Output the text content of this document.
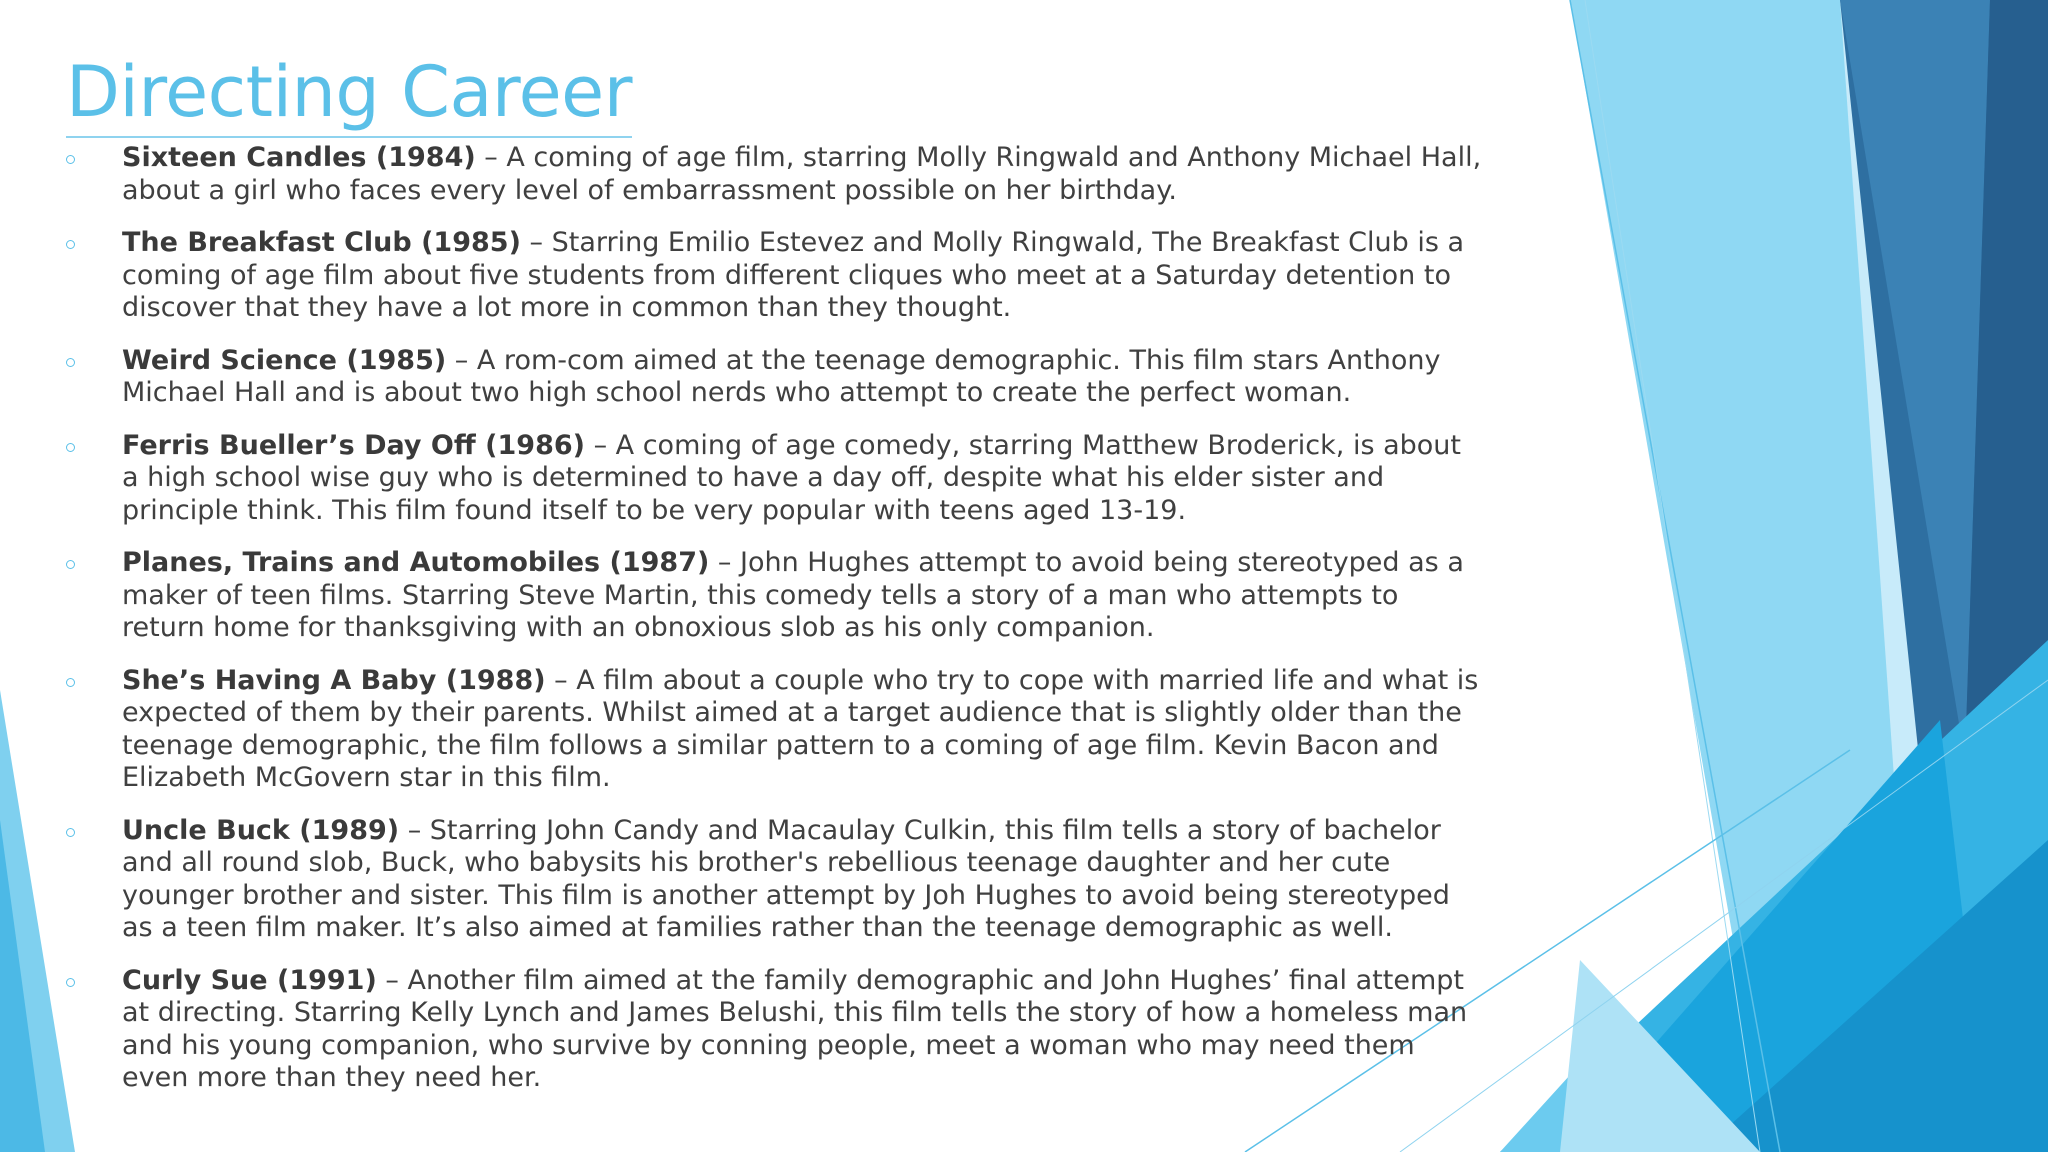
Directing Career
Sixteen Candles (1984) – A coming of age film, starring Molly Ringwald and Anthony Michael Hall, about a girl who faces every level of embarrassment possible on her birthday.
The Breakfast Club (1985) – Starring Emilio Estevez and Molly Ringwald, The Breakfast Club is a coming of age film about five students from different cliques who meet at a Saturday detention to discover that they have a lot more in common than they thought.
Weird Science (1985) – A rom-com aimed at the teenage demographic. This film stars Anthony Michael Hall and is about two high school nerds who attempt to create the perfect woman.
Ferris Bueller’s Day Off (1986) – A coming of age comedy, starring Matthew Broderick, is about a high school wise guy who is determined to have a day off, despite what his elder sister and principle think. This film found itself to be very popular with teens aged 13-19.
Planes, Trains and Automobiles (1987) – John Hughes attempt to avoid being stereotyped as a maker of teen films. Starring Steve Martin, this comedy tells a story of a man who attempts to return home for thanksgiving with an obnoxious slob as his only companion.
She’s Having A Baby (1988) – A film about a couple who try to cope with married life and what is expected of them by their parents. Whilst aimed at a target audience that is slightly older than the teenage demographic, the film follows a similar pattern to a coming of age film. Kevin Bacon and Elizabeth McGovern star in this film.
Uncle Buck (1989) – Starring John Candy and Macaulay Culkin, this film tells a story of bachelor and all round slob, Buck, who babysits his brother's rebellious teenage daughter and her cute younger brother and sister. This film is another attempt by Joh Hughes to avoid being stereotyped as a teen film maker. It’s also aimed at families rather than the teenage demographic as well.
Curly Sue (1991) – Another film aimed at the family demographic and John Hughes’ final attempt at directing. Starring Kelly Lynch and James Belushi, this film tells the story of how a homeless man and his young companion, who survive by conning people, meet a woman who may need them even more than they need her.
